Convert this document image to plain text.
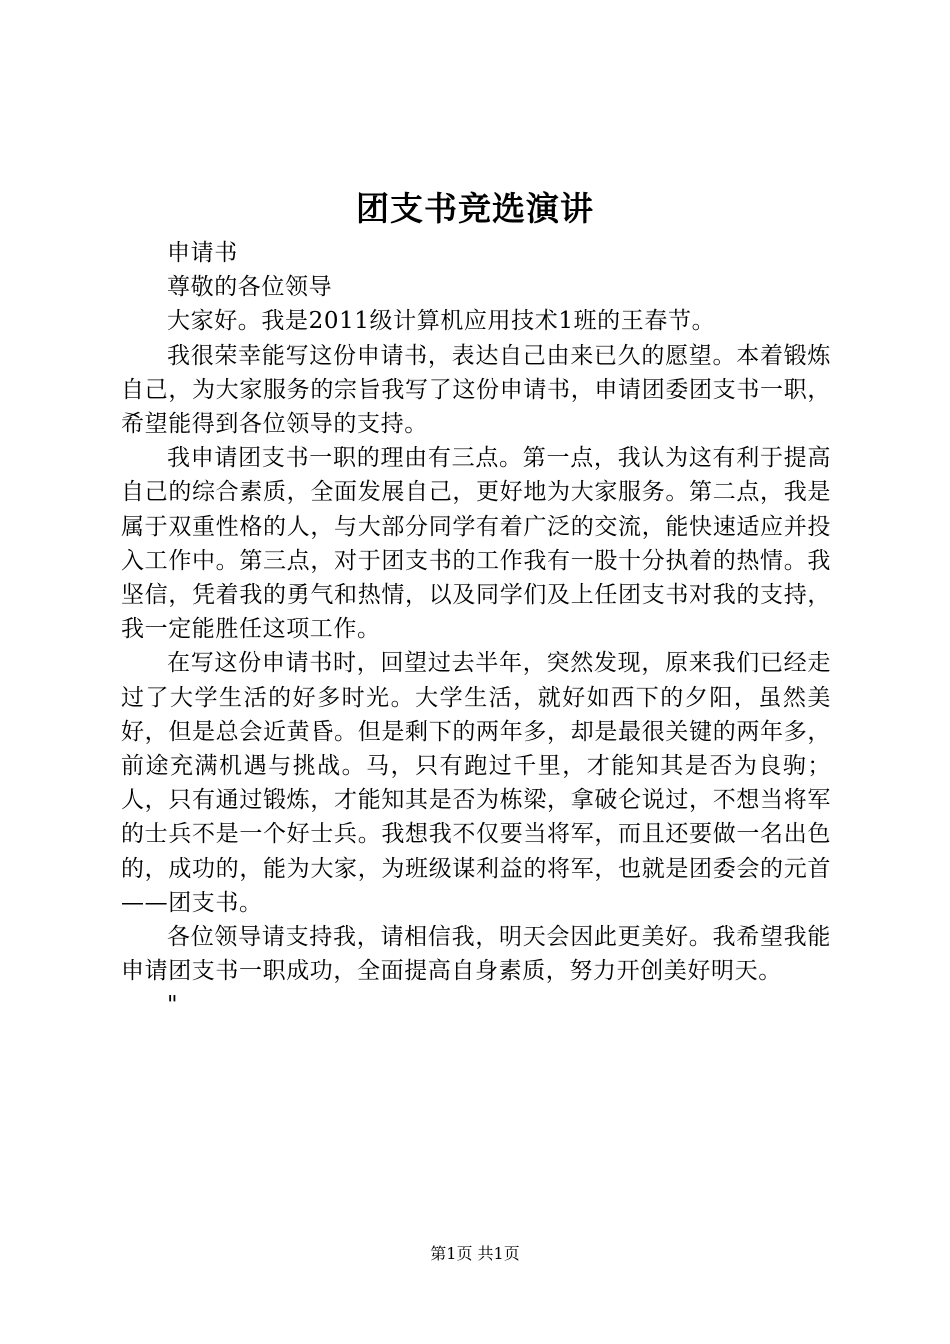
团支书竞选演讲

申请书

尊敬的各位领导

大家好。我是2011级计算机应用技术1班的王春节。

我很荣幸能写这份申请书，表达自己由来已久的愿望。本着锻炼自己，为大家服务的宗旨我写了这份申请书，申请团委团支书一职，希望能得到各位领导的支持。

我申请团支书一职的理由有三点。第一点，我认为这有利于提高自己的综合素质，全面发展自己，更好地为大家服务。第二点，我是属于双重性格的人，与大部分同学有着广泛的交流，能快速适应并投入工作中。第三点，对于团支书的工作我有一股十分执着的热情。我坚信，凭着我的勇气和热情，以及同学们及上任团支书对我的支持，我一定能胜任这项工作。

在写这份申请书时，回望过去半年，突然发现，原来我们已经走过了大学生活的好多时光。大学生活，就好如西下的夕阳，虽然美好，但是总会近黄昏。但是剩下的两年多，却是最很关键的两年多，前途充满机遇与挑战。马，只有跑过千里，才能知其是否为良驹；人，只有通过锻炼，才能知其是否为栋梁，拿破仑说过，不想当将军的士兵不是一个好士兵。我想我不仅要当将军，而且还要做一名出色的，成功的，能为大家，为班级谋利益的将军，也就是团委会的元首——团支书。

各位领导请支持我，请相信我，明天会因此更美好。我希望我能申请团支书一职成功，全面提高自身素质，努力开创美好明天。

"

第1页 共1页
